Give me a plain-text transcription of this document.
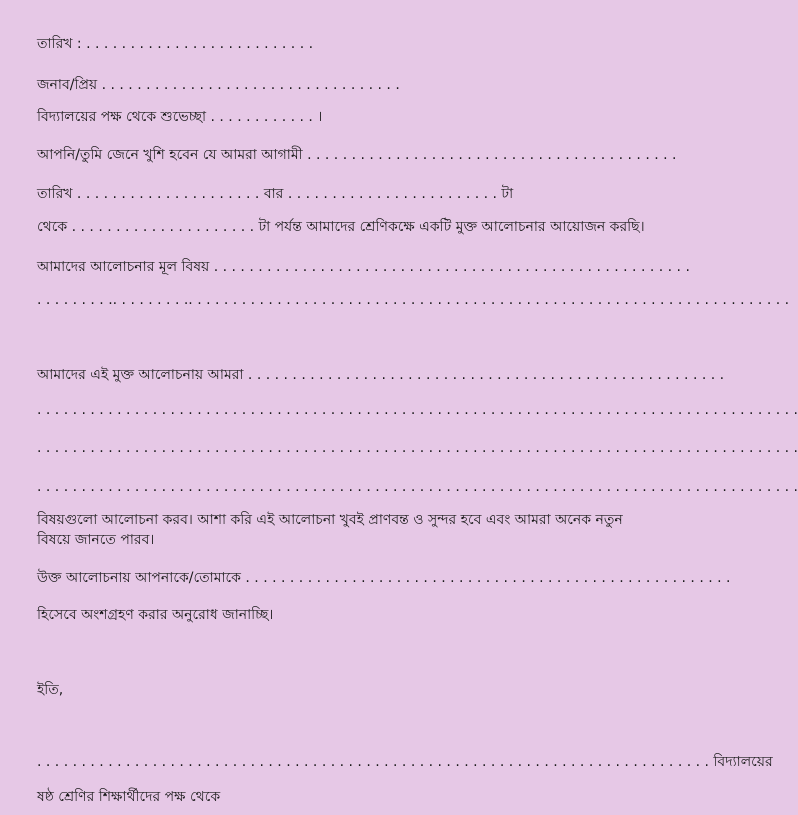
তারিখ : . . . . . . . . . . . . . . . . . . . . . . . . . .
জনাব/প্রিয় . . . . . . . . . . . . . . . . . . . . . . . . . . . . . . . . . .
বিদ্যালয়ের পক্ষ থেকে শুভেচ্ছা . . . . . . . . . . . . ।
আপনি/তুমি জেনে খুশি হবেন যে আমরা আগামী . . . . . . . . . . . . . . . . . . . . . . . . . . . . . . . . . . . . . . . . . .
তারিখ . . . . . . . . . . . . . . . . . . . . . বার . . . . . . . . . . . . . . . . . . . . . . . . টা
থেকে . . . . . . . . . . . . . . . . . . . . . টা পর্যন্ত আমাদের শ্রেণিকক্ষে একটি মুক্ত আলোচনার আয়োজন করছি।
আমাদের আলোচনার মূল বিষয় . . . . . . . . . . . . . . . . . . . . . . . . . . . . . . . . . . . . . . . . . . . . . . . . . . . . . .
. . . . . . . . .. . . . . . . . .. . . . . . . . . . . . . . . . . . . . . . . . . . . . . . . . . . . . . . . . . . . . . . . . . . . . . . . . . . . . . . . . . . . .
আমাদের এই মুক্ত আলোচনায় আমরা . . . . . . . . . . . . . . . . . . . . . . . . . . . . . . . . . . . . . . . . . . . . . . . . . . . . . .
. . . . . . . . . . . . . . . . . . . . . . . . . . . . . . . . . . . . . . . . . . . . . . . . . . . . . . . . . . . . . . . . . . . . . . . . . . . . . . . . . . . . . .
. . . . . . . . . . . . . . . . . . . . . . . . . . . . . . . . . . . . . . . . . . . . . . . . . . . . . . . . . . . . . . . . . . . . . . . . . . . . . . . . . . . . . .
. . . . . . . . . . . . . . . . . . . . . . . . . . . . . . . . . . . . . . . . . . . . . . . . . . . . . . . . . . . . . . . . . . . . . . . . . . . . . . . . . . . . . .
বিষয়গুলো আলোচনা করব। আশা করি এই আলোচনা খুবই প্রাণবন্ত ও সুন্দর হবে এবং আমরা অনেক নতুন বিষয়ে জানতে পারব।
উক্ত আলোচনায় আপনাকে/তোমাকে . . . . . . . . . . . . . . . . . . . . . . . . . . . . . . . . . . . . . . . . . . . . . . . . . . . . . . .
হিসেবে অংশগ্রহণ করার অনুরোধ জানাচ্ছি।
ইতি,
. . . . . . . . . . . . . . . . . . . . . . . . . . . . . . . . . . . . . . . . . . . . . . . . . . . . . . . . . . . . . . . . . . . . . . . . . . . . বিদ্যালয়ের
ষষ্ঠ শ্রেণির শিক্ষার্থীদের পক্ষ থেকে
